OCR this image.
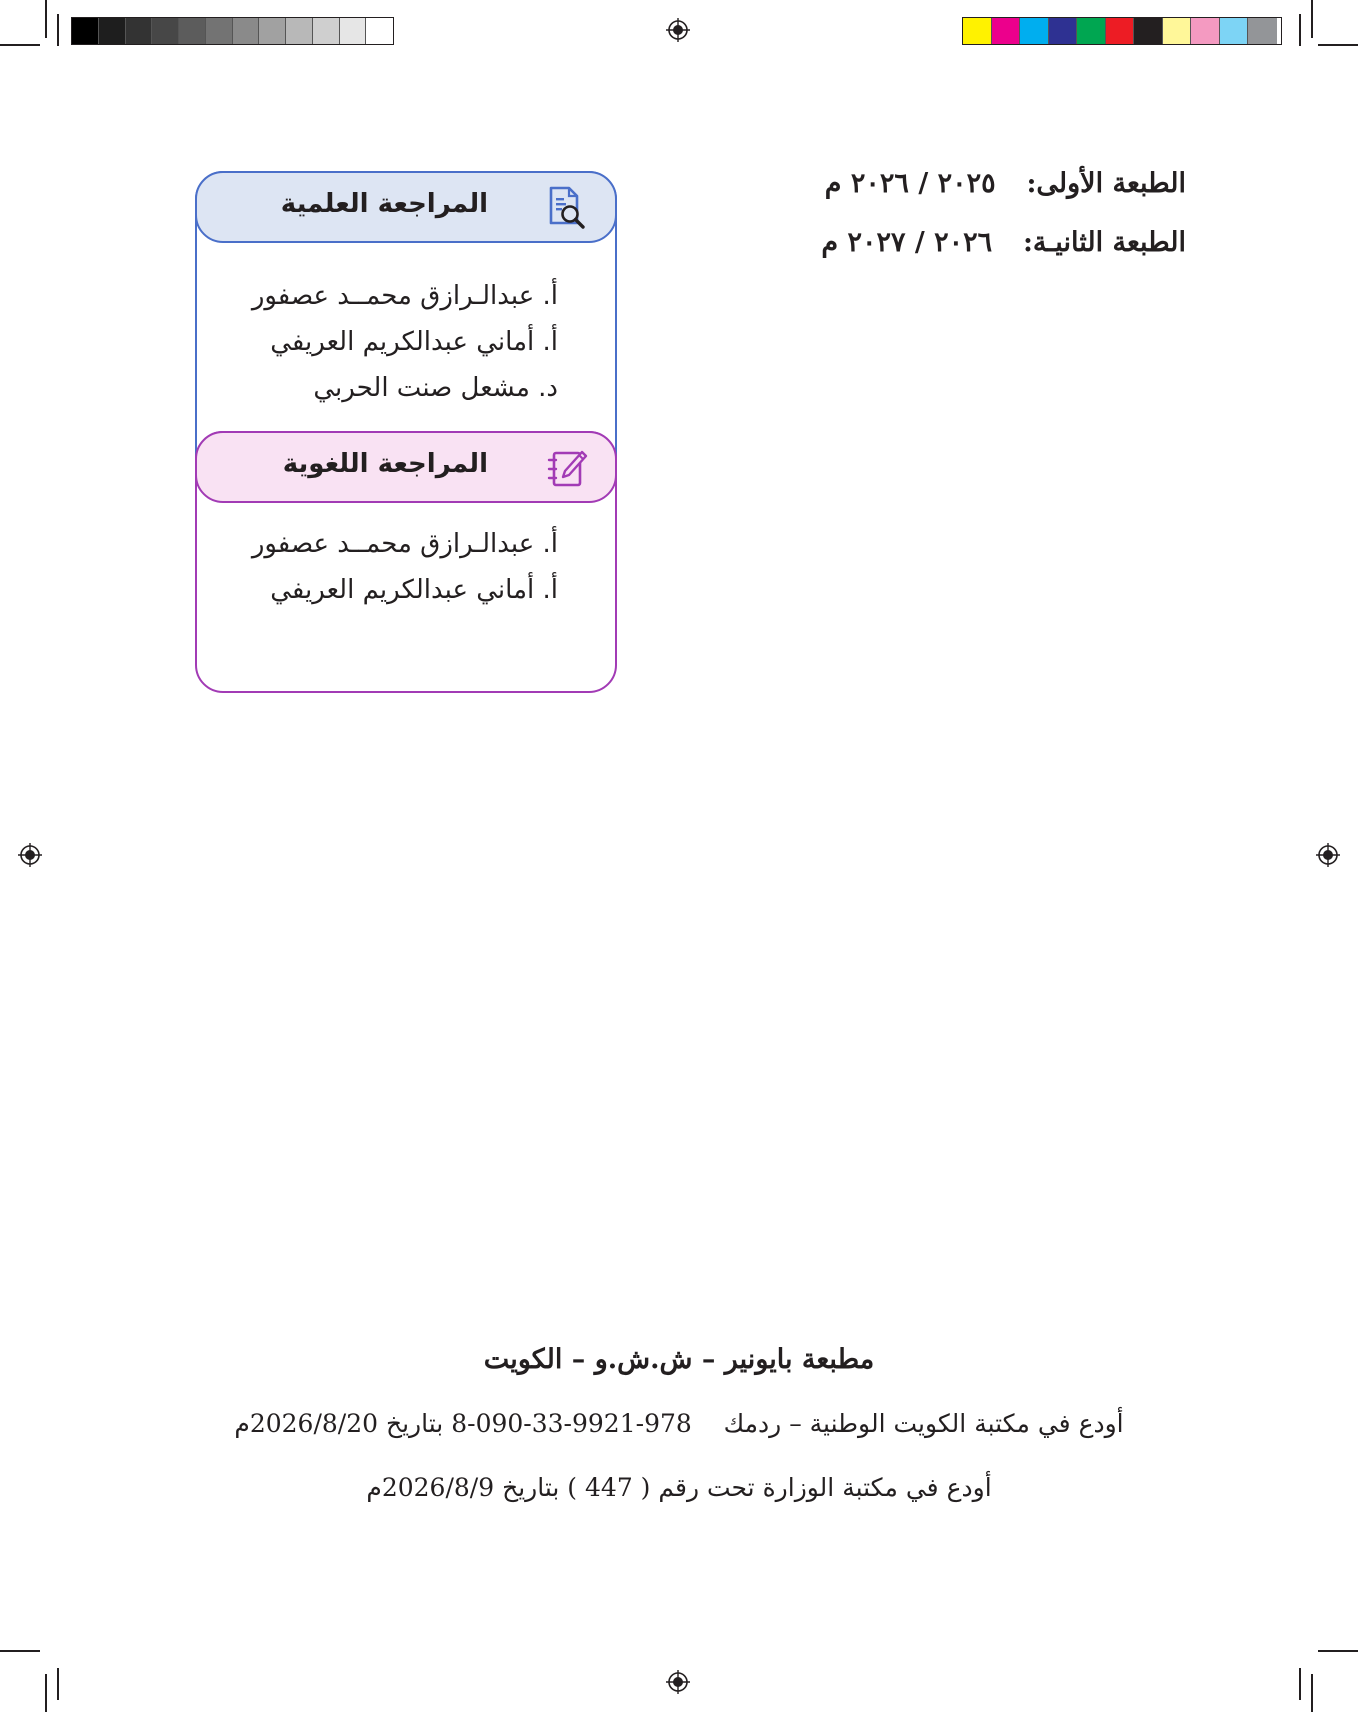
الطبعة الأولى:  ٢٠٢٥ / ٢٠٢٦ م
الطبعة الثانيـة:  ٢٠٢٦ / ٢٠٢٧ م
المراجعة العلمية
أ. عبدالـرازق محمــد عصفور
أ. أماني عبدالكريم العريفي
د. مشعل صنت الحربي
المراجعة اللغوية
أ. عبدالـرازق محمــد عصفور
أ. أماني عبدالكريم العريفي
مطبعة بايونير – ش.ش.و – الكويت
أودع في مكتبة الكويت الوطنية – ردمك    978-9921-33-090-8 بتاريخ 2026/8/20م
أودع في مكتبة الوزارة تحت رقم ( 447 ) بتاريخ 2026/8/9م
